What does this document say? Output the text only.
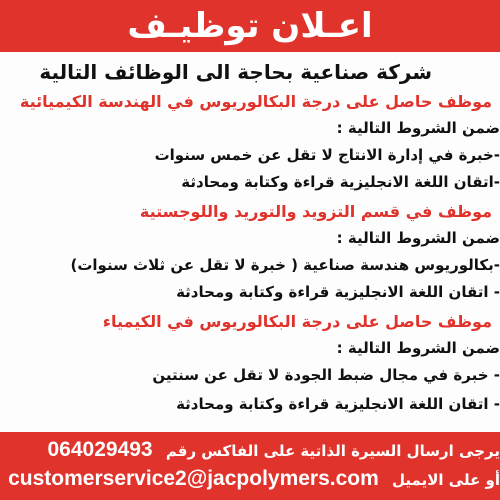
اعـلان توظيـف
شركة صناعية بحاجة الى الوظائف التالية
موظف حاصل على درجة البكالوريوس في الهندسة الكيميائية
ضمن الشروط التالية :
-خبرة في إدارة الانتاج لا تقل عن خمس سنوات
-اتقان اللغة الانجليزية قراءة وكتابة ومحادثة
موظف في قسم التزويد والتوريد واللوجستية
ضمن الشروط التالية :
-بكالوريوس هندسة صناعية ( خبرة لا تقل عن ثلاث سنوات)
- اتقان اللغة الانجليزية قراءة وكتابة ومحادثة
موظف حاصل على درجة البكالوريوس في الكيمياء
ضمن الشروط التالية :
- خبرة في مجال ضبط الجودة لا تقل عن سنتين
- اتقان اللغة الانجليزية قراءة وكتابة ومحادثة
يرجى ارسال السيرة الذاتية على الفاكس رقم 064029493
أو على الايميل customerservice2@jacpolymers.com
